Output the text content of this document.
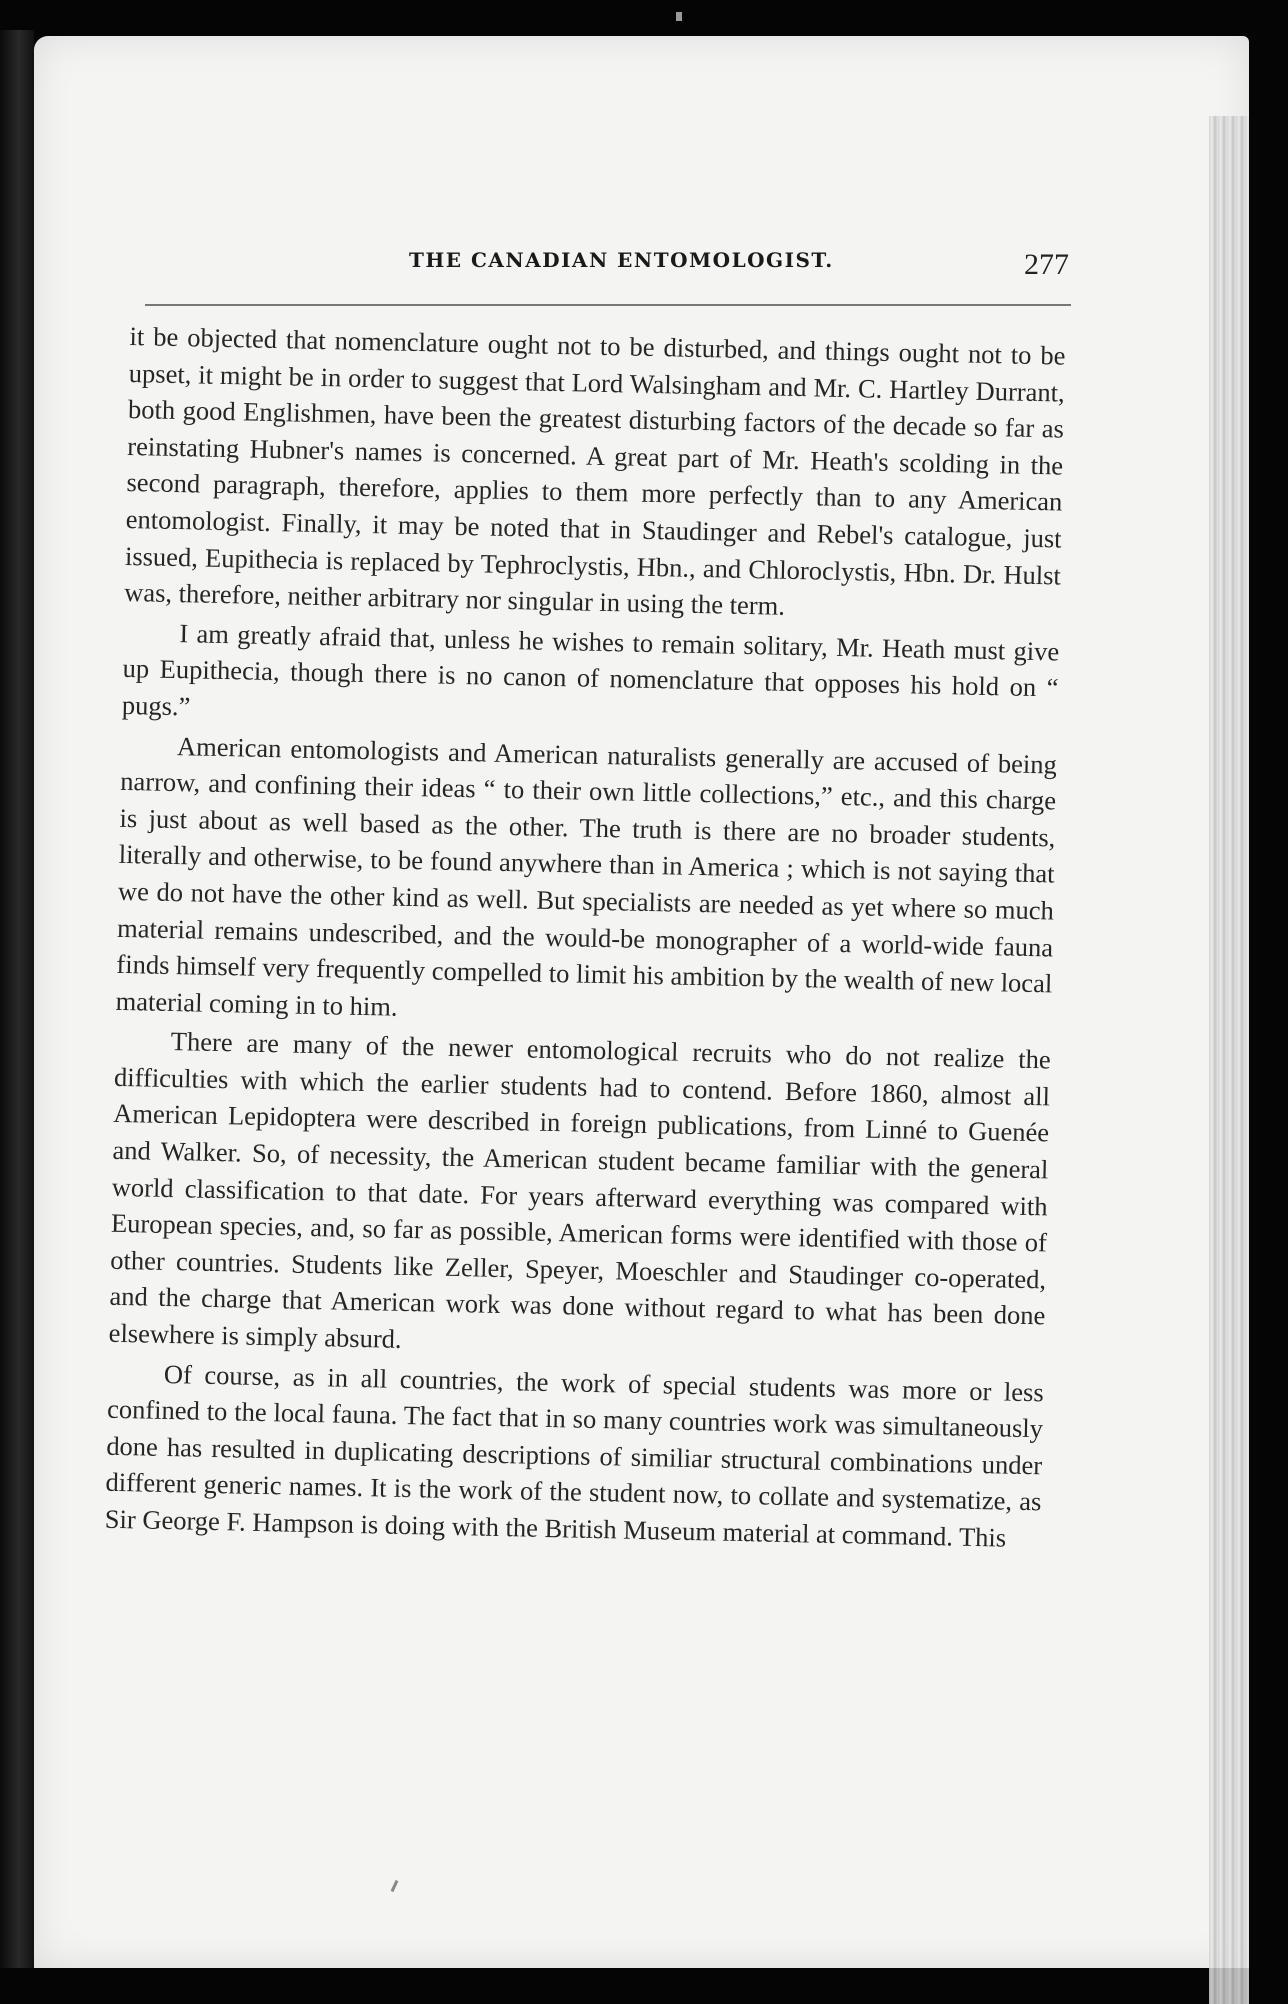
THE CANADIAN ENTOMOLOGIST.	277

it be objected that nomenclature ought not to be disturbed, and things ought not to be upset, it might be in order to suggest that Lord Walsingham and Mr. C. Hartley Durrant, both good Englishmen, have been the greatest disturbing factors of the decade so far as reinstating Hubner's names is concerned. A great part of Mr. Heath's scolding in the second paragraph, therefore, applies to them more perfectly than to any American entomologist. Finally, it may be noted that in Staudinger and Rebel's catalogue, just issued, Eupithecia is replaced by Tephroclystis, Hbn., and Chloroclystis, Hbn. Dr. Hulst was, therefore, neither arbitrary nor singular in using the term.

I am greatly afraid that, unless he wishes to remain solitary, Mr. Heath must give up Eupithecia, though there is no canon of nomenclature that opposes his hold on “ pugs.”

American entomologists and American naturalists generally are accused of being narrow, and confining their ideas “ to their own little collections,” etc., and this charge is just about as well based as the other. The truth is there are no broader students, literally and otherwise, to be found anywhere than in America ; which is not saying that we do not have the other kind as well. But specialists are needed as yet where so much material remains undescribed, and the would-be monographer of a world-wide fauna finds himself very frequently compelled to limit his ambition by the wealth of new local material coming in to him.

There are many of the newer entomological recruits who do not realize the difficulties with which the earlier students had to contend. Before 1860, almost all American Lepidoptera were described in foreign publications, from Linné to Guenée and Walker. So, of necessity, the American student became familiar with the general world classification to that date. For years afterward everything was compared with European species, and, so far as possible, American forms were identified with those of other countries. Students like Zeller, Speyer, Moeschler and Staudinger co-operated, and the charge that American work was done without regard to what has been done elsewhere is simply absurd.

Of course, as in all countries, the work of special students was more or less confined to the local fauna. The fact that in so many countries work was simultaneously done has resulted in duplicating descriptions of similiar structural combinations under different generic names. It is the work of the student now, to collate and systematize, as Sir George F. Hampson is doing with the British Museum material at command. This
